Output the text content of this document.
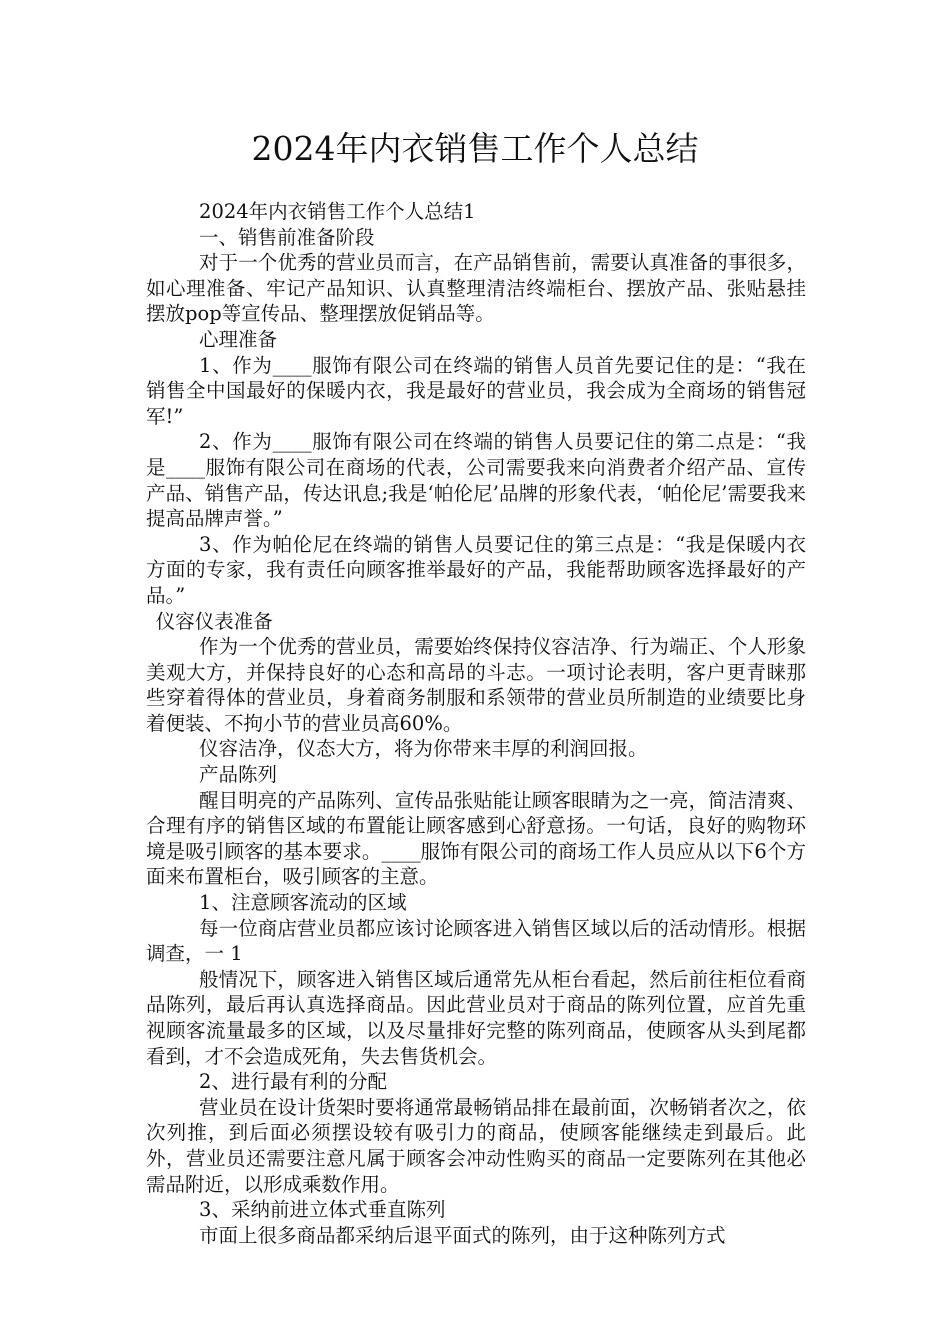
2024年内衣销售工作个人总结

2024年内衣销售工作个人总结1

一、销售前准备阶段

对于一个优秀的营业员而言，在产品销售前，需要认真准备的事很多，如心理准备、牢记产品知识、认真整理清洁终端柜台、摆放产品、张贴悬挂摆放pop等宣传品、整理摆放促销品等。

心理准备

1、作为____服饰有限公司在终端的销售人员首先要记住的是：“我在销售全中国最好的保暖内衣，我是最好的营业员，我会成为全商场的销售冠军!”

2、作为____服饰有限公司在终端的销售人员要记住的第二点是：“我是____服饰有限公司在商场的代表，公司需要我来向消费者介绍产品、宣传产品、销售产品，传达讯息;我是‘帕伦尼’品牌的形象代表，‘帕伦尼’需要我来提高品牌声誉。”

3、作为帕伦尼在终端的销售人员要记住的第三点是：“我是保暖内衣方面的专家，我有责任向顾客推举最好的产品，我能帮助顾客选择最好的产品。”

仪容仪表准备

作为一个优秀的营业员，需要始终保持仪容洁净、行为端正、个人形象美观大方，并保持良好的心态和高昂的斗志。一项讨论表明，客户更青睐那些穿着得体的营业员，身着商务制服和系领带的营业员所制造的业绩要比身着便装、不拘小节的营业员高60%。

仪容洁净，仪态大方，将为你带来丰厚的利润回报。

产品陈列

醒目明亮的产品陈列、宣传品张贴能让顾客眼睛为之一亮，简洁清爽、合理有序的销售区域的布置能让顾客感到心舒意扬。一句话，良好的购物环境是吸引顾客的基本要求。____服饰有限公司的商场工作人员应从以下6个方面来布置柜台，吸引顾客的主意。

1、注意顾客流动的区域

每一位商店营业员都应该讨论顾客进入销售区域以后的活动情形。根据调查，一 1

般情况下，顾客进入销售区域后通常先从柜台看起，然后前往柜位看商品陈列，最后再认真选择商品。因此营业员对于商品的陈列位置，应首先重视顾客流量最多的区域，以及尽量排好完整的陈列商品，使顾客从头到尾都看到，才不会造成死角，失去售货机会。

2、进行最有利的分配

营业员在设计货架时要将通常最畅销品排在最前面，次畅销者次之，依次列推，到后面必须摆设较有吸引力的商品，使顾客能继续走到最后。此外，营业员还需要注意凡属于顾客会冲动性购买的商品一定要陈列在其他必需品附近，以形成乘数作用。

3、采纳前进立体式垂直陈列

市面上很多商品都采纳后退平面式的陈列，由于这种陈列方式
